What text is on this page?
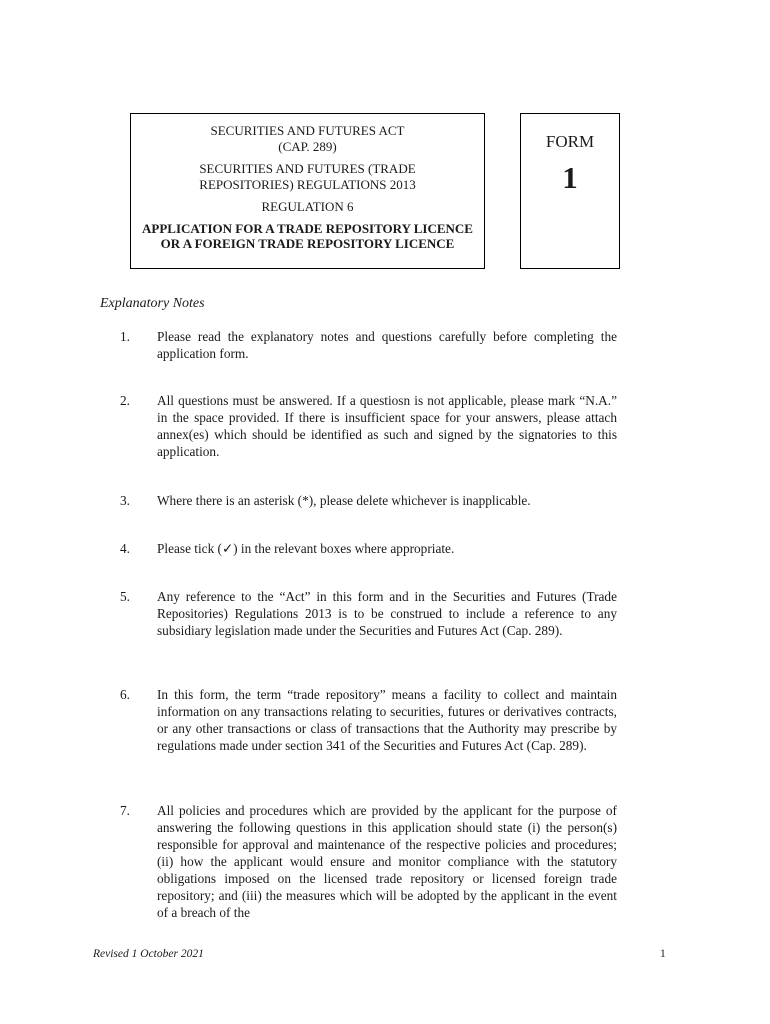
SECURITIES AND FUTURES ACT

(CAP. 289)

SECURITIES AND FUTURES (TRADE

REPOSITORIES) REGULATIONS 2013

REGULATION 6

APPLICATION FOR A TRADE REPOSITORY LICENCE OR A FOREIGN TRADE REPOSITORY LICENCE

FORM
1
Explanatory Notes
1.	Please read the explanatory notes and questions carefully before completing the application form.
2.	All questions must be answered. If a questiosn is not applicable, please mark “N.A.” in the space provided. If there is insufficient space for your answers, please attach annex(es) which should be identified as such and signed by the signatories to this application.
3.	Where there is an asterisk (*), please delete whichever is inapplicable.
4.	Please tick (✓) in the relevant boxes where appropriate.
5.	Any reference to the “Act” in this form and in the Securities and Futures (Trade Repositories) Regulations 2013 is to be construed to include a reference to any subsidiary legislation made under the Securities and Futures Act (Cap. 289).
6.	In this form, the term “trade repository” means a facility to collect and maintain information on any transactions relating to securities, futures or derivatives contracts, or any other transactions or class of transactions that the Authority may prescribe by regulations made under section 341 of the Securities and Futures Act (Cap. 289).
7.	All policies and procedures which are provided by the applicant for the purpose of answering the following questions in this application should state (i) the person(s) responsible for approval and maintenance of the respective policies and procedures; (ii) how the applicant would ensure and monitor compliance with the statutory obligations imposed on the licensed trade repository or licensed foreign trade repository; and (iii) the measures which will be adopted by the applicant in the event of a breach of the
Revised 1 October 2021	1
